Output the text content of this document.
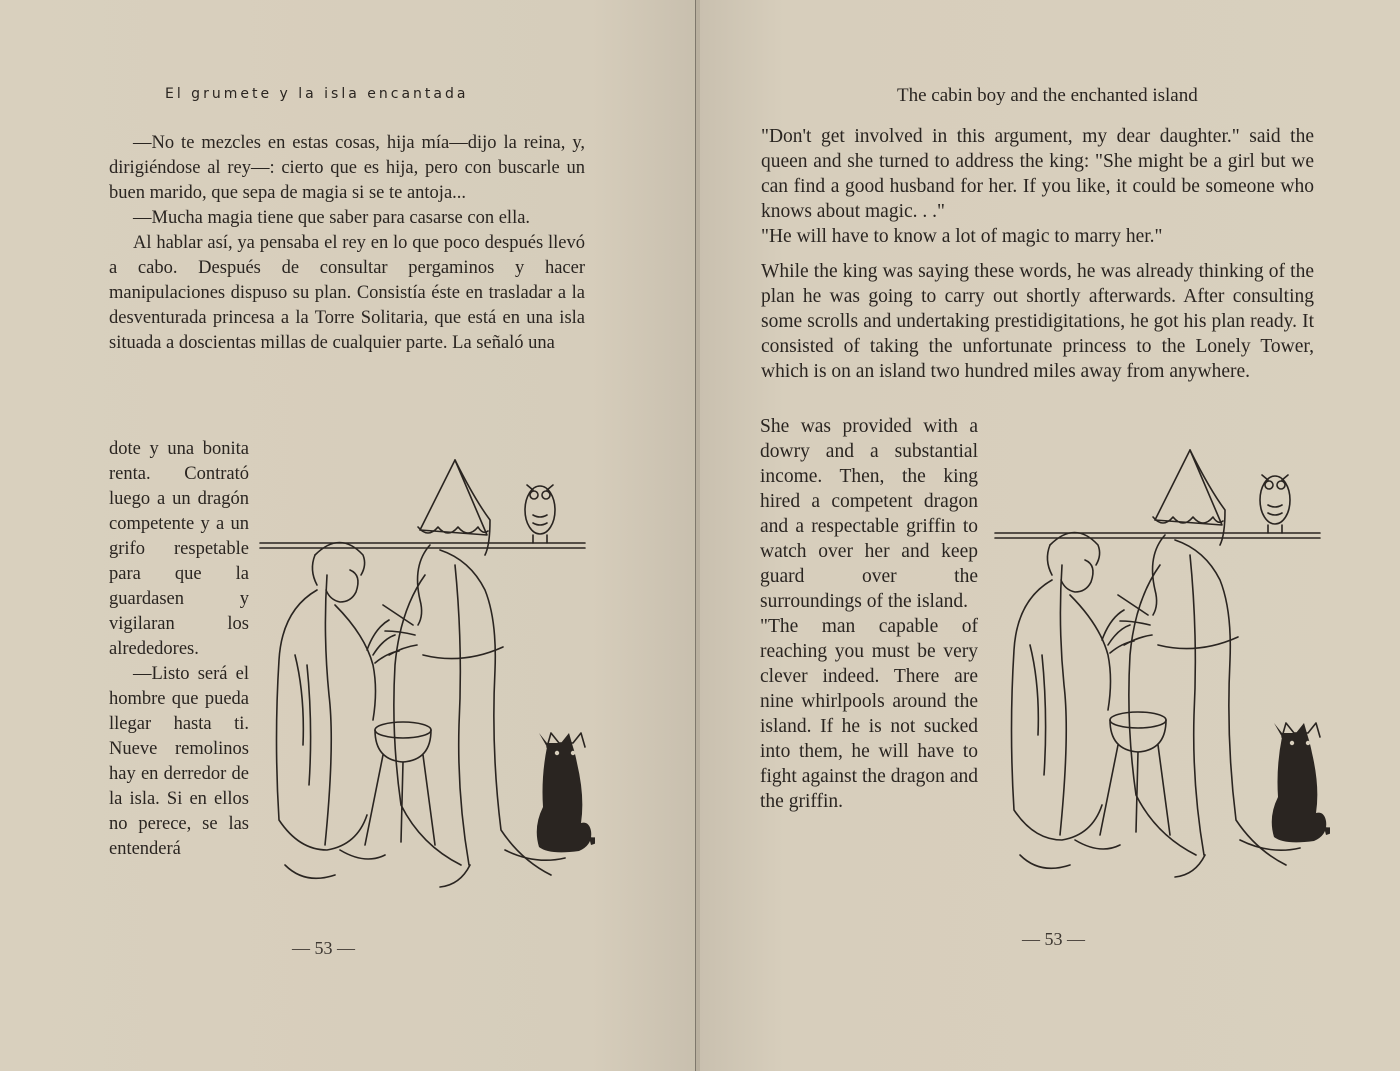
El grumete y la isla encantada

—No te mezcles en estas cosas, hija mía—dijo la reina, y, dirigiéndose al rey—: cierto que es hija, pero con buscarle un buen marido, que sepa de magia si se te antoja...

—Mucha magia tiene que saber para casarse con ella.

Al hablar así, ya pensaba el rey en lo que poco después llevó a cabo. Después de consultar pergaminos y hacer manipulaciones dispuso su plan. Consistía éste en trasladar a la desventurada princesa a la Torre Solitaria, que está en una isla situada a doscientas millas de cualquier parte. La señaló una

dote y una bonita renta. Contrató luego a un dragón competente y a un grifo respetable para que la guardasen y vigilaran los alrededores.

—Listo será el hombre que pueda llegar hasta ti. Nueve remolinos hay en derredor de la isla. Si en ellos no perece, se las entenderá

— 53 —
The cabin boy and the enchanted island

"Don't get involved in this argument, my dear daughter." said the queen and she turned to address the king: "She might be a girl but we can find a good husband for her. If you like, it could be someone who knows about magic. . ."

"He will have to know a lot of magic to marry her."

While the king was saying these words, he was already thinking of the plan he was going to carry out shortly afterwards. After consulting some scrolls and undertaking prestidigitations, he got his plan ready. It consisted of taking the unfortunate princess to the Lonely Tower, which is on an island two hundred miles away from anywhere.

She was provided with a dowry and a substantial income. Then, the king hired a competent dragon and a respectable griffin to watch over her and keep guard over the surroundings of the island.

"The man capable of reaching you must be very clever indeed. There are nine whirlpools around the island. If he is not sucked into them, he will have to fight against the dragon and the griffin.

— 53 —
